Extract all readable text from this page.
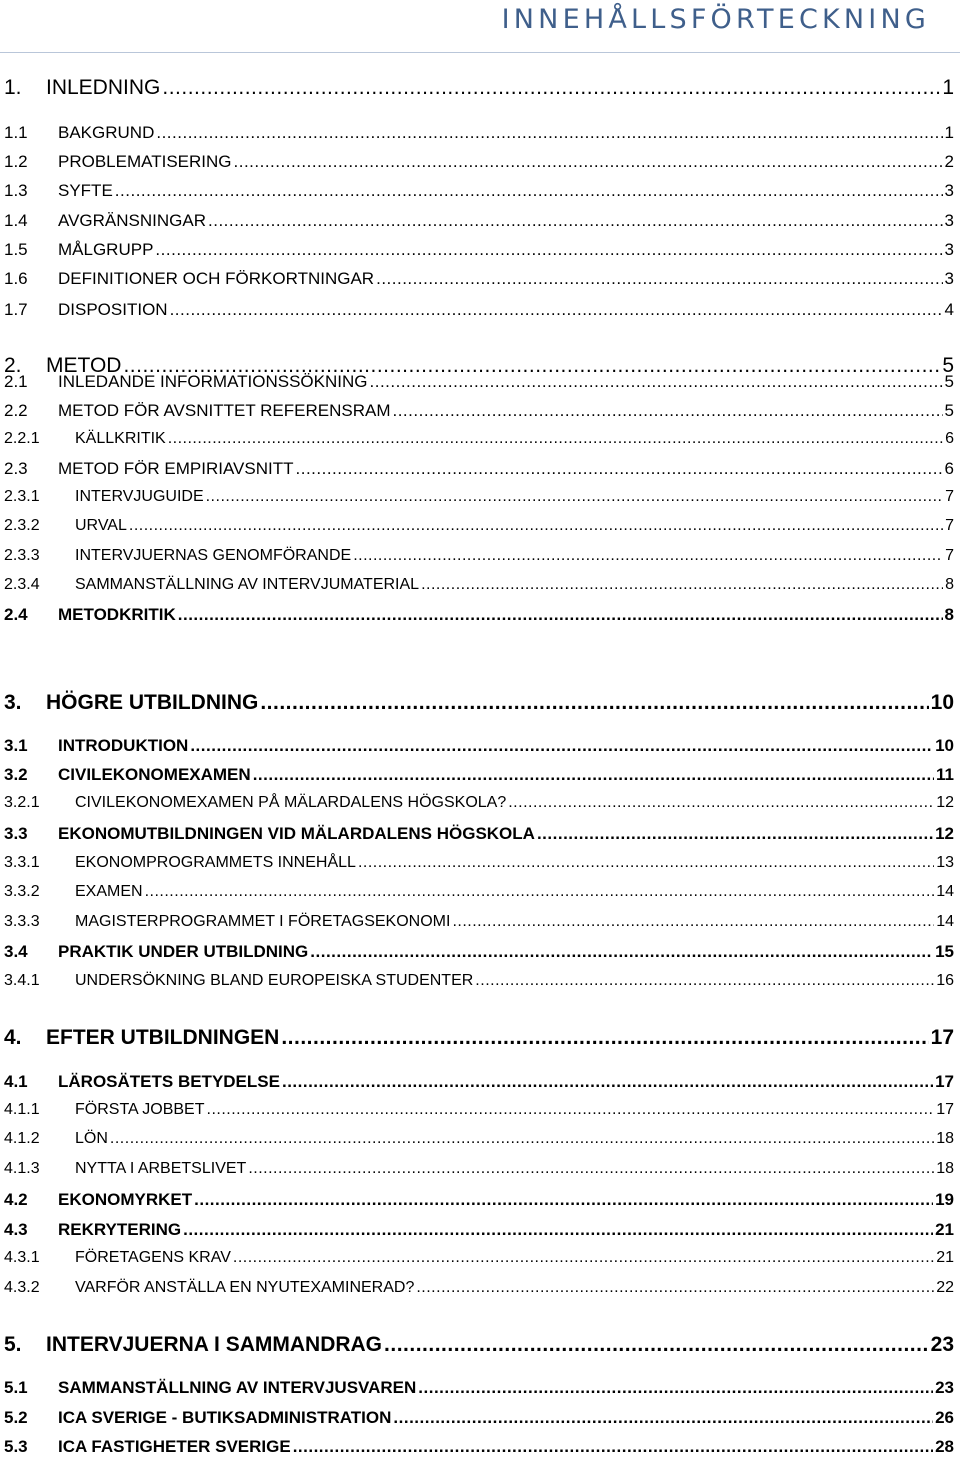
INNEHÅLLSFÖRTECKNING
1.	INLEDNING .....	1
1.1	BAKGRUND .....	1
1.2	PROBLEMATISERING .....	2
1.3	SYFTE .....	3
1.4	AVGRÄNSNINGAR .....	3
1.5	MÅLGRUPP .....	3
1.6	DEFINITIONER OCH FÖRKORTNINGAR .....	3
1.7	DISPOSITION .....	4
2.	METOD .....	5
2.1	INLEDANDE INFORMATIONSSÖKNING .....	5
2.2	METOD FÖR AVSNITTET REFERENSRAM .....	5
2.2.1	KÄLLKRITIK .....	6
2.3	METOD FÖR EMPIRIAVSNITT .....	6
2.3.1	INTERVJUGUIDE .....	7
2.3.2	URVAL .....	7
2.3.3	INTERVJUERNAS GENOMFÖRANDE .....	7
2.3.4	SAMMANSTÄLLNING AV INTERVJUMATERIAL .....	8
2.4	METODKRITIK .....	8
3.	HÖGRE UTBILDNING .....	10
3.1	INTRODUKTION .....	10
3.2	CIVILEKONOMEXAMEN .....	11
3.2.1	CIVILEKONOMEXAMEN PÅ MÄLARDALENS HÖGSKOLA? .....	12
3.3	EKONOMUTBILDNINGEN VID MÄLARDALENS HÖGSKOLA .....	12
3.3.1	EKONOMPROGRAMMETS INNEHÅLL .....	13
3.3.2	EXAMEN .....	14
3.3.3	MAGISTERPROGRAMMET I FÖRETAGSEKONOMI .....	14
3.4	PRAKTIK UNDER UTBILDNING .....	15
3.4.1	UNDERSÖKNING BLAND EUROPEISKA STUDENTER .....	16
4.	EFTER UTBILDNINGEN .....	17
4.1	LÄROSÄTETS BETYDELSE .....	17
4.1.1	FÖRSTA JOBBET .....	17
4.1.2	LÖN .....	18
4.1.3	NYTTA I ARBETSLIVET .....	18
4.2	EKONOMYRKET .....	19
4.3	REKRYTERING .....	21
4.3.1	FÖRETAGENS KRAV .....	21
4.3.2	VARFÖR ANSTÄLLA EN NYUTEXAMINERAD? .....	22
5.	INTERVJUERNA I SAMMANDRAG .....	23
5.1	SAMMANSTÄLLNING AV INTERVJUSVAREN .....	23
5.2	ICA SVERIGE - BUTIKSADMINISTRATION .....	26
5.3	ICA FASTIGHETER SVERIGE .....	28
